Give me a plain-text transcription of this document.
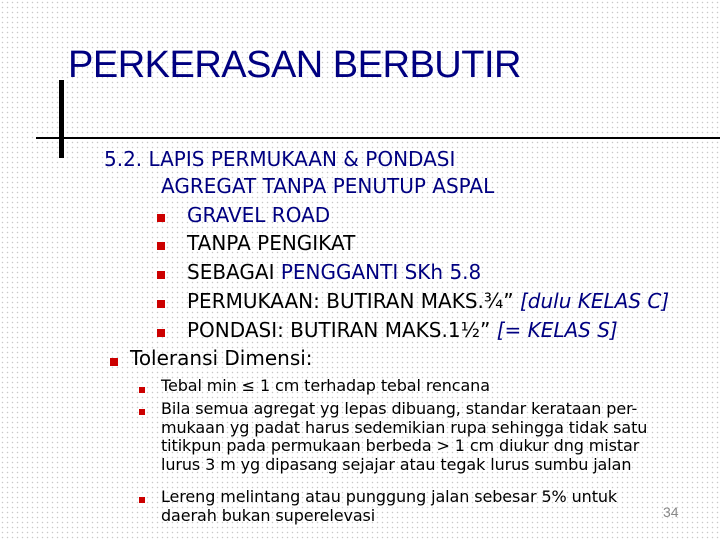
PERKERASAN BERBUTIR
5.2. LAPIS PERMUKAAN & PONDASI
AGREGAT TANPA PENUTUP ASPAL
GRAVEL ROAD
TANPA PENGIKAT
SEBAGAI PENGGANTI SKh 5.8
PERMUKAAN: BUTIRAN MAKS.¾” [dulu KELAS C]
PONDASI: BUTIRAN MAKS.1½” [= KELAS S]
Toleransi Dimensi:
Tebal min ≤ 1 cm terhadap tebal rencana
Bila semua agregat yg lepas dibuang, standar kerataan per-
mukaan yg padat harus sedemikian rupa sehingga tidak satu
titikpun pada permukaan berbeda > 1 cm diukur dng mistar
lurus 3 m yg dipasang sejajar atau tegak lurus sumbu jalan
Lereng melintang atau punggung jalan sebesar 5% untuk
daerah bukan superelevasi	34
